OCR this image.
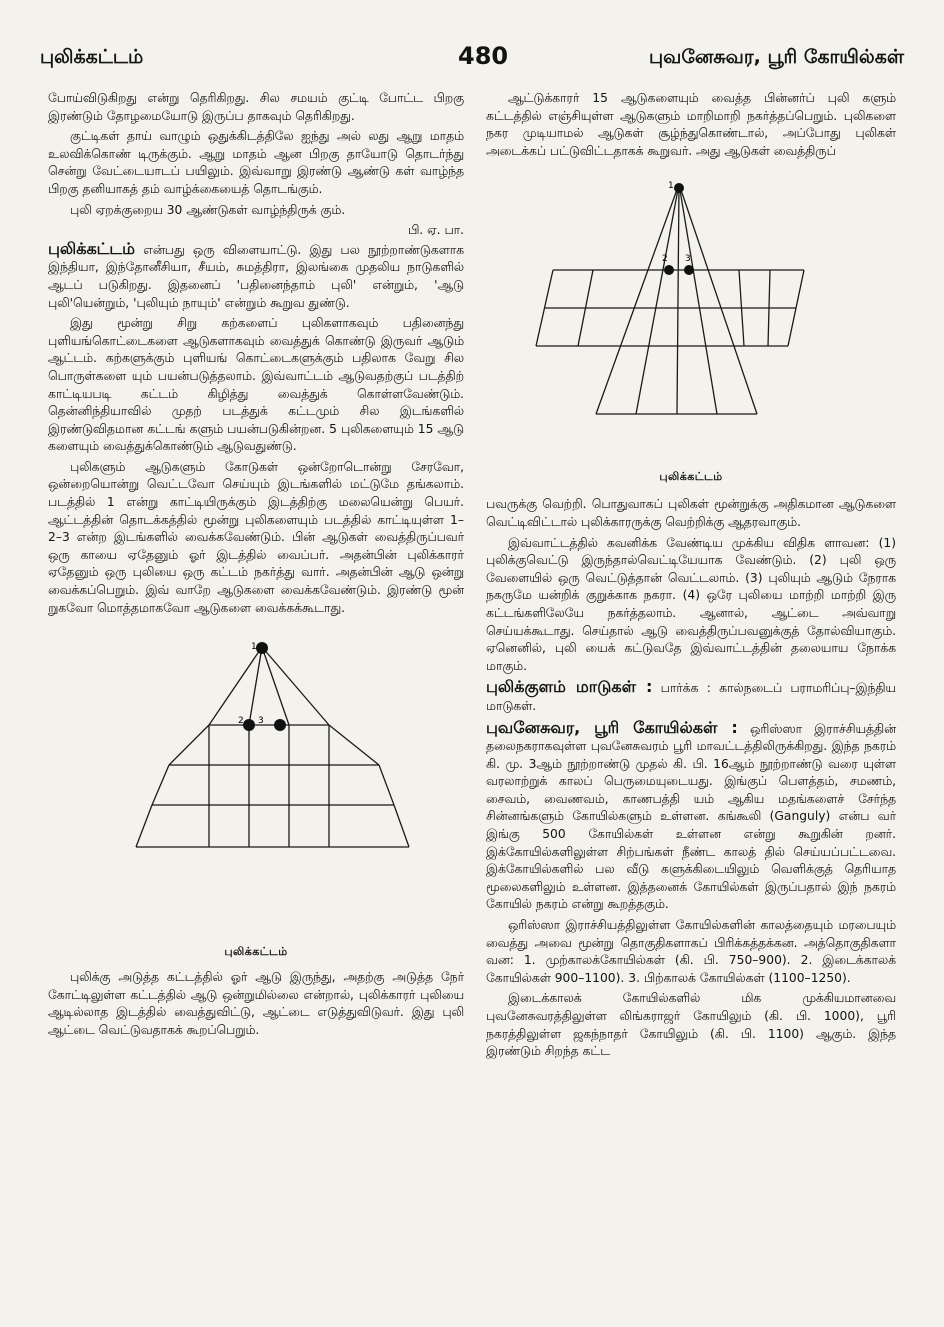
புலிக்கட்டம்	480	புவனேசுவர, பூரி கோயில்கள்

போய்விடுகிறது என்று தெரிகிறது. சில சமயம் குட்டி போட்ட பிறகு இரண்டும் தோழமையோடு இருப்ப தாகவும் தெரிகிறது.

குட்டிகள் தாய் வாழும் ஒதுக்கிடத்திலே ஐந்து அல் லது ஆறு மாதம் உலவிக்கொண் டிருக்கும். ஆறு மாதம் ஆன பிறகு தாயோடு தொடர்ந்து சென்று வேட்டையாடப் பயிலும். இவ்வாறு இரண்டு ஆண்டு கள் வாழ்ந்த பிறகு தனியாகத் தம் வாழ்க்கையைத் தொடங்கும்.

புலி ஏறக்குறைய 30 ஆண்டுகள் வாழ்ந்திருக் கும்.

பி. ஏ. பா.

புலிக்கட்டம் என்பது ஒரு விளையாட்டு. இது பல நூற்றாண்டுகளாக இந்தியா, இந்தோனீசியா, சீயம், சுமத்திரா, இலங்கை முதலிய நாடுகளில் ஆடப் படுகிறது. இதனைப் 'பதினைந்தாம் புலி' என்றும், 'ஆடு புலி'யென்றும், 'புலியும் நாயும்' என்றும் கூறுவ துண்டு.

இது மூன்று சிறு கற்களைப் புலிகளாகவும் பதினைந்து புளியங்கொட்டைகளை ஆடுகளாகவும் வைத்துக் கொண்டு இருவர் ஆடும் ஆட்டம். கற்களுக்கும் புளியங் கொட்டைகளுக்கும் பதிலாக வேறு சில பொருள்களை யும் பயன்படுத்தலாம். இவ்வாட்டம் ஆடுவதற்குப் படத்திற் காட்டியபடி கட்டம் கிழித்து வைத்துக் கொள்ளவேண்டும். தென்னிந்தியாவில் முதற் படத்துக் கட்டமும் சில இடங்களில் இரண்டுவிதமான கட்டங் களும் பயன்படுகின்றன. 5 புலிகளையும் 15 ஆடு களையும் வைத்துக்கொண்டும் ஆடுவதுண்டு.

புலிகளும் ஆடுகளும் கோடுகள் ஒன்றோடொன்று சேரவோ, ஒன்றையொன்று வெட்டவோ செய்யும் இடங்களில் மட்டுமே தங்கலாம். படத்தில் 1 என்று காட்டியிருக்கும் இடத்திற்கு மலையென்று பெயர். ஆட்டத்தின் தொடக்கத்தில் மூன்று புலிகளையும் படத்தில் காட்டியுள்ள 1–2–3 என்ற இடங்களில் வைக்கவேண்டும். பின் ஆடுகள் வைத்திருப்பவர் ஒரு காயை ஏதேனும் ஓர் இடத்தில் வைப்பர். அதன்பின் புலிக்காரர் ஏதேனும் ஒரு புலியை ஒரு கட்டம் நகர்த்து வார். அதன்பின் ஆடு ஒன்று வைக்கப்பெறும். இவ் வாறே ஆடுகளை வைக்கவேண்டும். இரண்டு மூன் றுகவோ மொத்தமாகவோ ஆடுகளை வைக்கக்கூடாது.

1
2 3
புலிக்கட்டம்

புலிக்கு அடுத்த கட்டத்தில் ஓர் ஆடு இருந்து, அதற்கு அடுத்த நேர் கோட்டிலுள்ள கட்டத்தில் ஆடு ஒன்றுமில்லை என்றால், புலிக்காரர் புலியை ஆடில்லாத இடத்தில் வைத்துவிட்டு, ஆட்டை எடுத்துவிடுவர். இது புலி ஆட்டை வெட்டுவதாகக் கூறப்பெறும்.

ஆட்டுக்காரர் 15 ஆடுகளையும் வைத்த பின்னர்ப் புலி களும் கட்டத்தில் எஞ்சியுள்ள ஆடுகளும் மாறிமாறி நகர்த்தப்பெறும். புலிகளை நகர முடியாமல் ஆடுகள் சூழ்ந்துகொண்டால், அப்போது புலிகள் அடைக்கப் பட்டுவிட்டதாகக் கூறுவர். அது ஆடுகள் வைத்திருப்

1
2 3
புலிக்கட்டம்

பவருக்கு வெற்றி. பொதுவாகப் புலிகள் மூன்றுக்கு அதிகமான ஆடுகளை வெட்டிவிட்டால் புலிக்காரருக்கு வெற்றிக்கு ஆதரவாகும்.

இவ்வாட்டத்தில் கவனிக்க வேண்டிய முக்கிய விதிக ளாவன: (1) புலிக்குவெட்டு இருந்தால்வெட்டியேயாக வேண்டும். (2) புலி ஒரு வேளையில் ஒரு வெட்டுத்தான் வெட்டலாம். (3) புலியும் ஆடும் நேராக நகருமே யன்றிக் குறுக்காக நகரா. (4) ஒரே புலியை மாற்றி மாற்றி இரு கட்டங்களிலேயே நகர்த்தலாம். ஆனால், ஆட்டை அவ்வாறு செய்யக்கூடாது. செய்தால் ஆடு வைத்திருப்பவனுக்குத் தோல்வியாகும். ஏனெனில், புலி யைக் கட்டுவதே இவ்வாட்டத்தின் தலையாய நோக்க மாகும்.

புலிக்குளம் மாடுகள் : பார்க்க : கால்நடைப் பராமரிப்பு–இந்திய மாடுகள்.

புவனேசுவர, பூரி கோயில்கள் : ஒரிஸ்ஸா இராச்சியத்தின் தலைநகராகவுள்ள புவனேசுவரம் பூரி மாவட்டத்திலிருக்கிறது. இந்த நகரம் கி. மு. 3ஆம் நூற்றாண்டு முதல் கி. பி. 16ஆம் நூற்றாண்டு வரை யுள்ள வரலாற்றுக் காலப் பெருமையுடையது. இங்குப் பௌத்தம், சமணம், சைவம், வைணவம், காணபத்தி யம் ஆகிய மதங்களைச் சேர்ந்த சின்னங்களும் கோயில்களும் உள்ளன. கங்கூலி (Ganguly) என்ப வர் இங்கு 500 கோயில்கள் உள்ளன என்று கூறுகின் றனர். இக்கோயில்களிலுள்ள சிற்பங்கள் நீண்ட காலத் தில் செய்யப்பட்டவை. இக்கோயில்களில் பல வீடு களுக்கிடையிலும் வெளிக்குத் தெரியாத மூலைகளிலும் உள்ளன. இத்தனைக் கோயில்கள் இருப்பதால் இந் நகரம் கோயில் நகரம் என்று கூறத்தகும்.

ஒரிஸ்ஸா இராச்சியத்திலுள்ள கோயில்களின் காலத்தையும் மரபையும் வைத்து அவை மூன்று தொகுதிகளாகப் பிரிக்கத்தக்கன. அத்தொகுதிகளா வன: 1. முற்காலக்கோயில்கள் (கி. பி. 750–900). 2. இடைக்காலக் கோயில்கள் 900–1100). 3. பிற்காலக் கோயில்கள் (1100–1250).

இடைக்காலக் கோயில்களில் மிக முக்கியமானவை புவனேசுவரத்திலுள்ள லிங்கராஜர் கோயிலும் (கி. பி. 1000), பூரி நகரத்திலுள்ள ஜகந்நாதர் கோயிலும் (கி. பி. 1100) ஆகும். இந்த இரண்டும் சிறந்த கட்ட
